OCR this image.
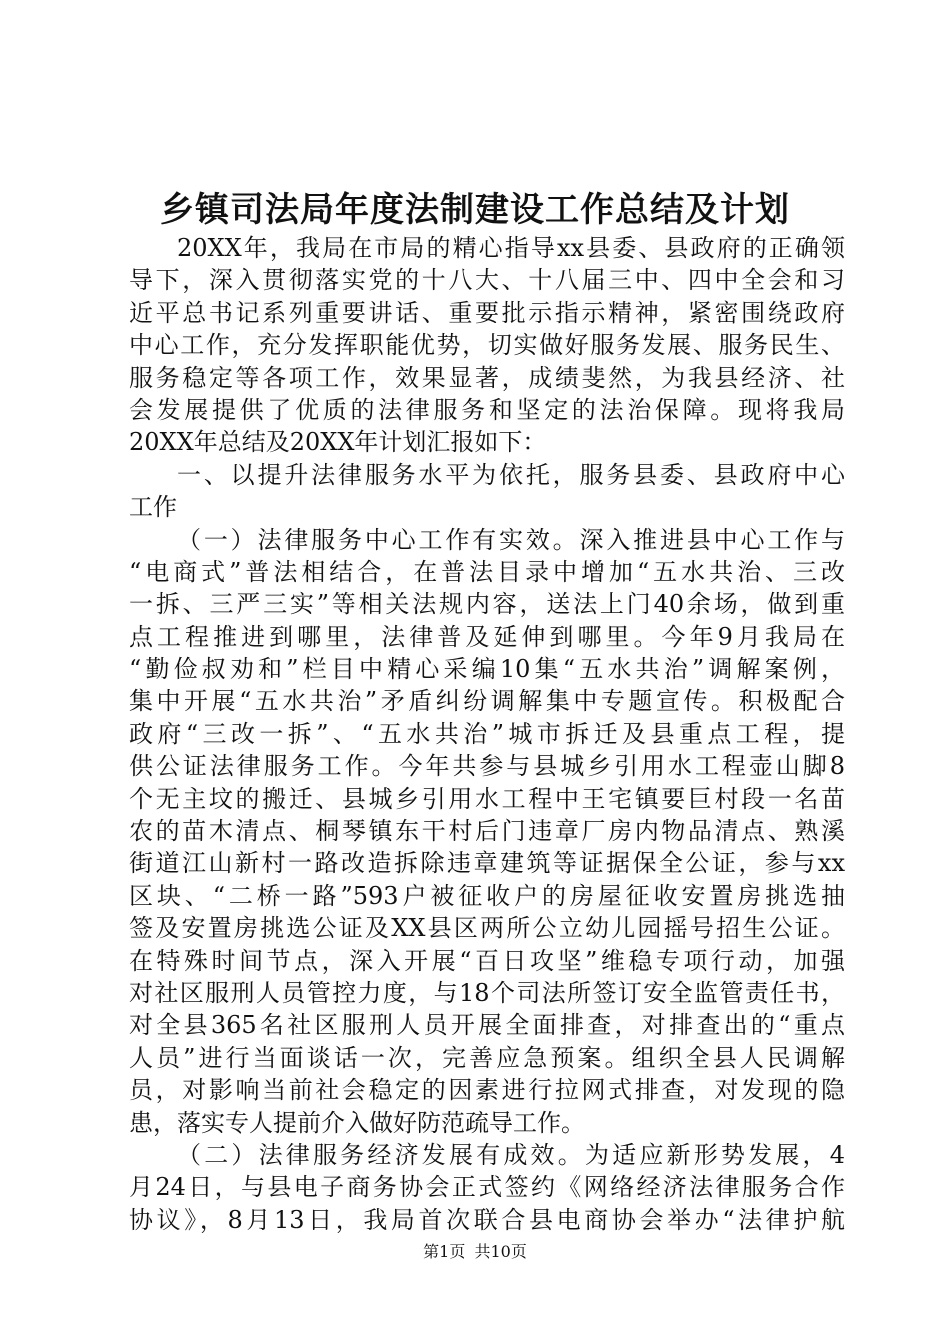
乡镇司法局年度法制建设工作总结及计划
20XX年，我局在市局的精心指导xx县委、县政府的正确领
导下，深入贯彻落实党的十八大、十八届三中、四中全会和习
近平总书记系列重要讲话、重要批示指示精神，紧密围绕政府
中心工作，充分发挥职能优势，切实做好服务发展、服务民生、
服务稳定等各项工作，效果显著，成绩斐然，为我县经济、社
会发展提供了优质的法律服务和坚定的法治保障。现将我局
20XX年总结及20XX年计划汇报如下：
一、以提升法律服务水平为依托，服务县委、县政府中心
工作
（一）法律服务中心工作有实效。深入推进县中心工作与
“电商式”普法相结合，在普法目录中增加“五水共治、三改
一拆、三严三实”等相关法规内容，送法上门40余场，做到重
点工程推进到哪里，法律普及延伸到哪里。今年9月我局在
“勤俭叔劝和”栏目中精心采编10集“五水共治”调解案例，
集中开展“五水共治”矛盾纠纷调解集中专题宣传。积极配合
政府“三改一拆”、“五水共治”城市拆迁及县重点工程，提
供公证法律服务工作。今年共参与县城乡引用水工程壶山脚8
个无主坟的搬迁、县城乡引用水工程中王宅镇要巨村段一名苗
农的苗木清点、桐琴镇东干村后门违章厂房内物品清点、熟溪
街道江山新村一路改造拆除违章建筑等证据保全公证，参与xx
区块、“二桥一路”593户被征收户的房屋征收安置房挑选抽
签及安置房挑选公证及XX县区两所公立幼儿园摇号招生公证。
在特殊时间节点，深入开展“百日攻坚”维稳专项行动，加强
对社区服刑人员管控力度，与18个司法所签订安全监管责任书，
对全县365名社区服刑人员开展全面排查，对排查出的“重点
人员”进行当面谈话一次，完善应急预案。组织全县人民调解
员，对影响当前社会稳定的因素进行拉网式排查，对发现的隐
患，落实专人提前介入做好防范疏导工作。
（二）法律服务经济发展有成效。为适应新形势发展，4
月24日，与县电子商务协会正式签约《网络经济法律服务合作
协议》，8月13日，我局首次联合县电商协会举办“法律护航
第1页 共10页
